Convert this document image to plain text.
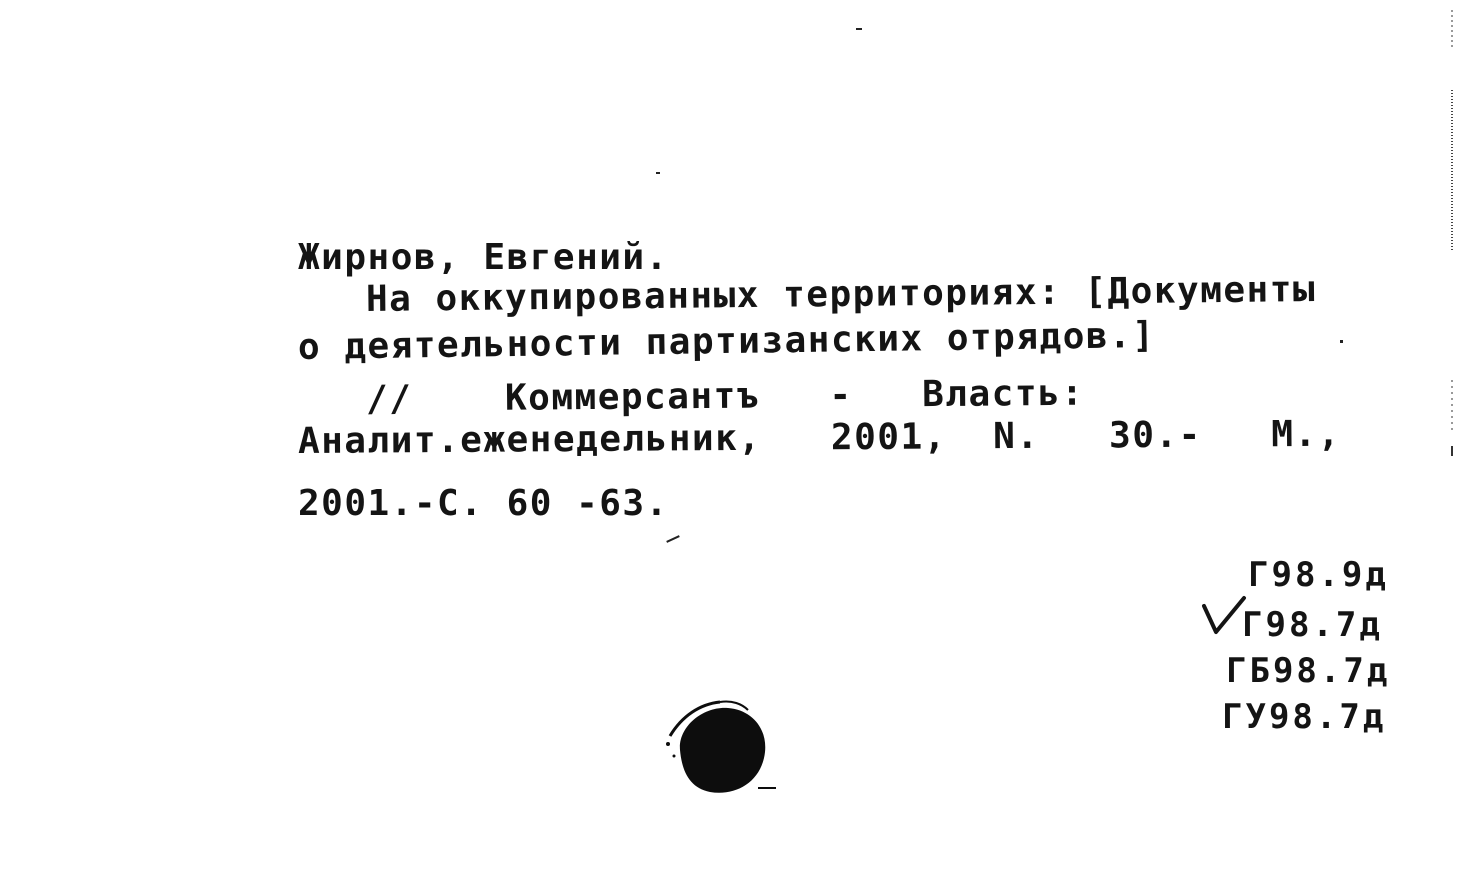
Жирнов, Евгений.
На оккупированных территориях: [Документы
о деятельности партизанских отрядов.]
//    Коммерсантъ   -   Власть:
Аналит.еженедельник,   2001,  N.   30.-   М.,
2001.-С. 60 -63.
Г98.9д
Г98.7д
ГБ98.7д
ГУ98.7д
